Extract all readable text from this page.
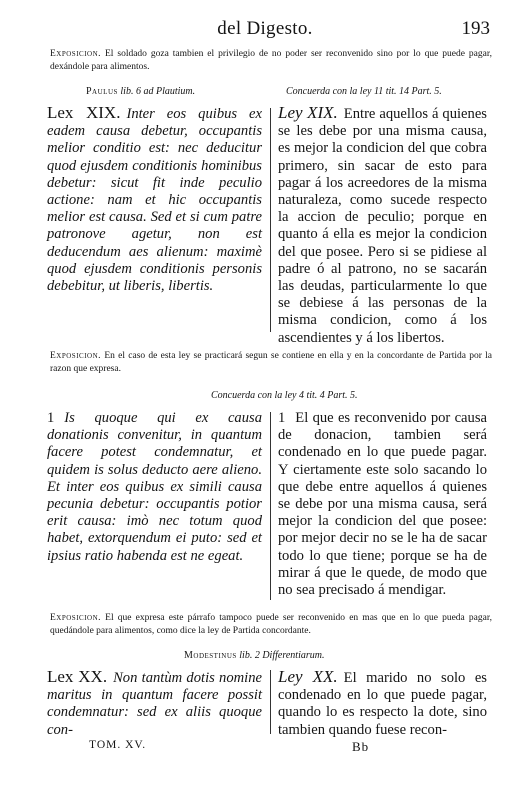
del Digesto.	193
Exposicion. El soldado goza tambien el privilegio de no poder ser reconvenido sino por lo que puede pagar, dexándole para alimentos.
Paulus lib. 6 ad Plautium.	Concuerda con la ley 11 tit. 14 Part. 5.
Lex XIX. Inter eos quibus ex eadem causa debetur, occupantis melior conditio est: nec deducitur quod ejusdem conditionis hominibus debetur: sicut fit inde peculio actione: nam et hic occupantis melior est causa. Sed et si cum patre patronove agetur, non est deducendum aes alienum: maximè quod ejusdem conditionis personis debebitur, ut liberis, libertis.
Ley XIX. Entre aquellos á quienes se les debe por una misma causa, es mejor la condicion del que cobra primero, sin sacar de esto para pagar á los acreedores de la misma naturaleza, como sucede respecto la accion de peculio; porque en quanto á ella es mejor la condicion del que posee. Pero si se pidiese al padre ó al patrono, no se sacarán las deudas, particularmente lo que se debiese á las personas de la misma condicion, como á los ascendientes y á los libertos.
Exposicion. En el caso de esta ley se practicará segun se contiene en ella y en la concordante de Partida por la razon que expresa.
Concuerda con la ley 4 tit. 4 Part. 5.
1 Is quoque qui ex causa donationis convenitur, in quantum facere potest condemnatur, et quidem is solus deducto aere alieno. Et inter eos quibus ex simili causa pecunia debetur: occupantis potior erit causa: imò nec totum quod habet, extorquendum ei puto: sed et ipsius ratio habenda est ne egeat.
1 El que es reconvenido por causa de donacion, tambien será condenado en lo que puede pagar. Y ciertamente este solo sacando lo que debe entre aquellos á quienes se debe por una misma causa, será mejor la condicion del que posee: por mejor decir no se le ha de sacar todo lo que tiene; porque se ha de mirar á que le quede, de modo que no sea precisado á mendigar.
Exposicion. El que expresa este párrafo tampoco puede ser reconvenido en mas que en lo que pueda pagar, quedándole para alimentos, como dice la ley de Partida concordante.
Modestinus lib. 2 Differentiarum.
Lex XX. Non tantùm dotis nomine maritus in quantum facere possit condemnatur: sed ex aliis quoque con-
Ley XX. El marido no solo es condenado en lo que puede pagar, quando lo es respecto la dote, sino tambien quando fuese recon-
TOM. XV.	Bb
